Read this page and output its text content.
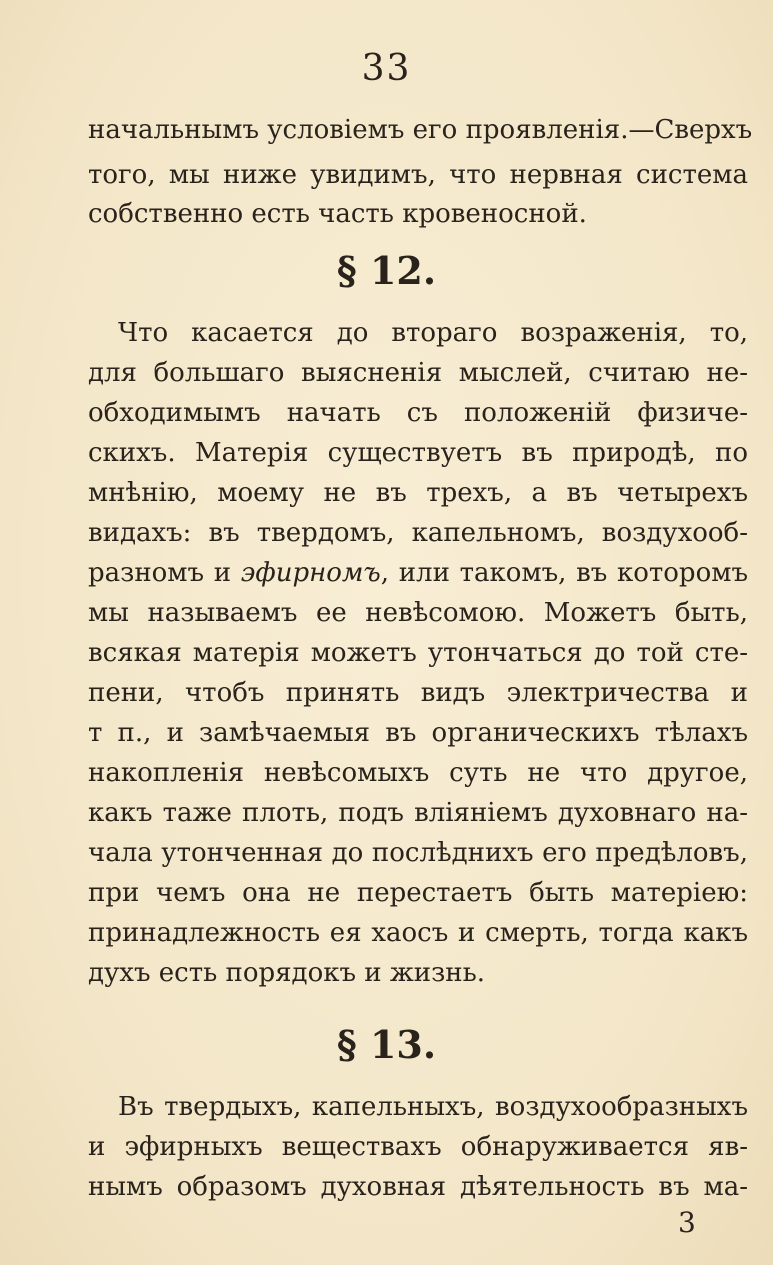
33
начальнымъ условіемъ его проявленія.—Сверхъ
того, мы ниже увидимъ, что нервная система
собственно есть часть кровеносной.
§ 12.
Что касается до втораго возраженія, то,
для большаго выясненія мыслей, считаю не-
обходимымъ начать съ положеній физиче-
скихъ. Матерія существуетъ въ природѣ, по
мнѣнію, моему не въ трехъ, а въ четырехъ
видахъ: въ твердомъ, капельномъ, воздухооб-
разномъ и эфирномъ, или такомъ, въ которомъ
мы называемъ ее невѣсомою. Можетъ быть,
всякая матерія можетъ утончаться до той сте-
пени, чтобъ принять видъ электричества и
т п., и замѣчаемыя въ органическихъ тѣлахъ
накопленія невѣсомыхъ суть не что другое,
какъ таже плоть, подъ вліяніемъ духовнаго на-
чала утонченная до послѣднихъ его предѣловъ,
при чемъ она не перестаетъ быть матеріею:
принадлежность ея хаосъ и смерть, тогда какъ
духъ есть порядокъ и жизнь.
§ 13.
Въ твердыхъ, капельныхъ, воздухообразныхъ
и эфирныхъ веществахъ обнаруживается яв-
нымъ образомъ духовная дѣятельность въ ма-
3
